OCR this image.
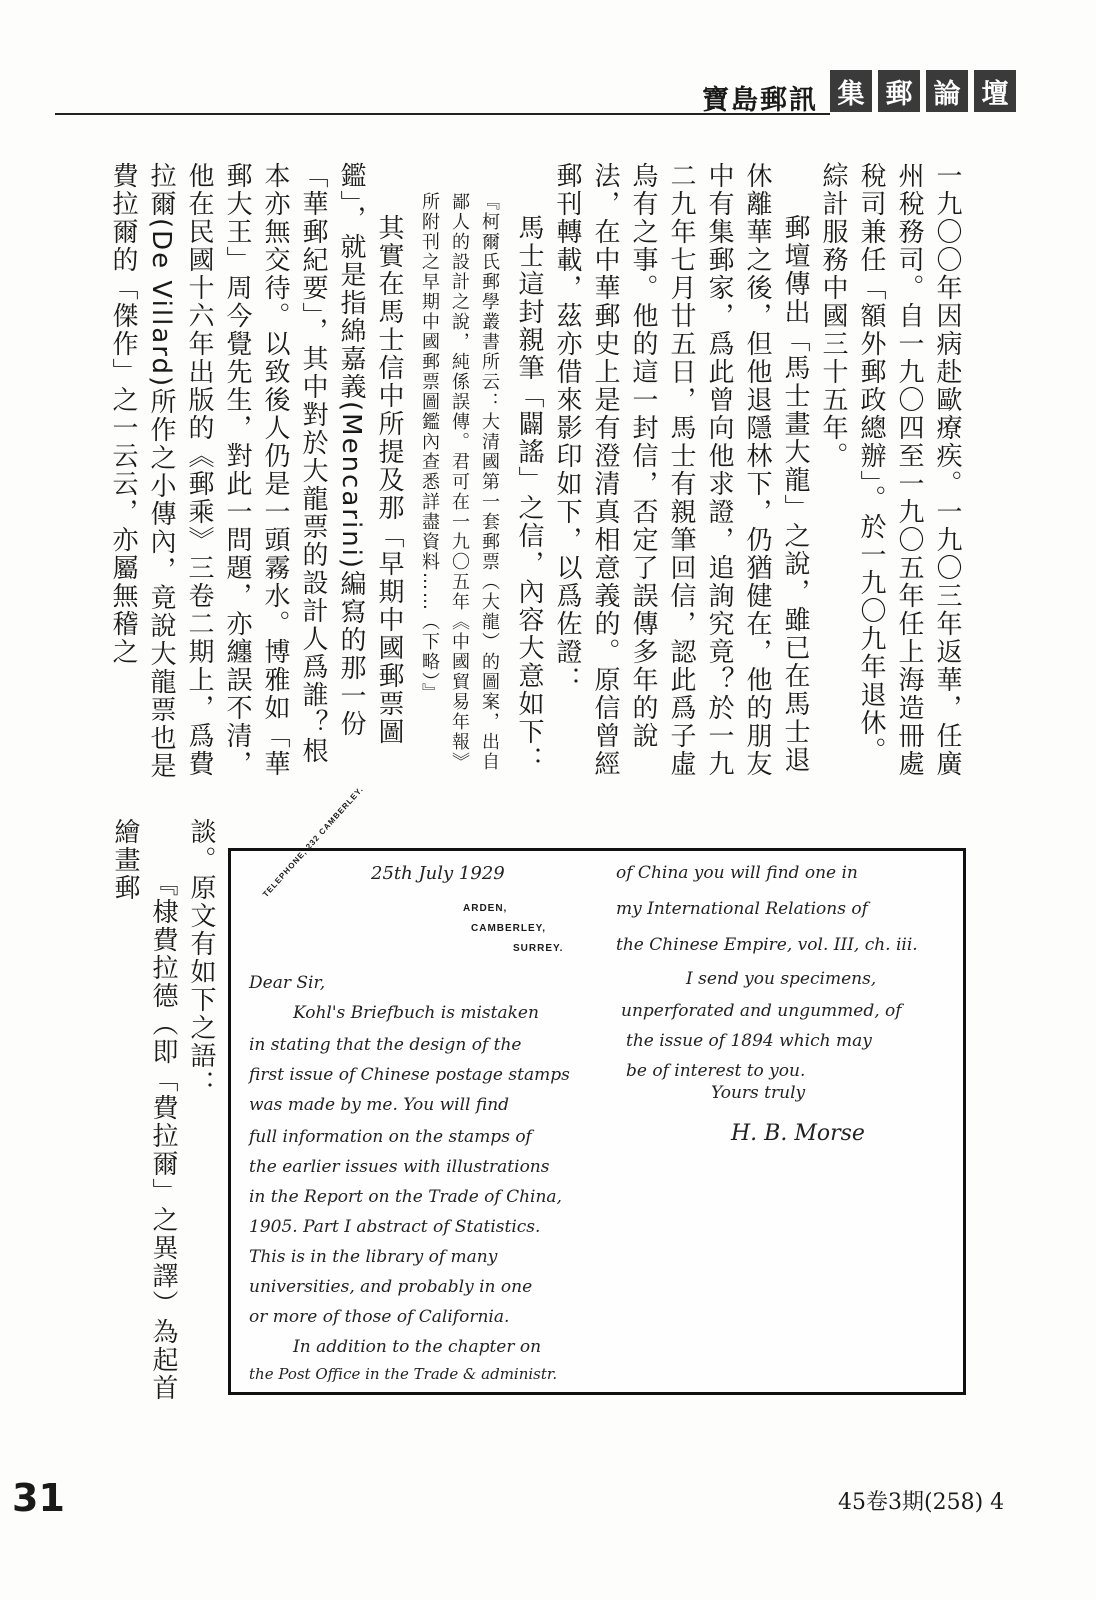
寶島郵訊 集 郵 論 壇

一九〇〇年因病赴歐療疾。一九〇三年返華，任廣州稅務司。自一九〇四至一九〇五年任上海造冊處稅司兼任「額外郵政總辦」。於一九〇九年退休。綜計服務中國三十五年。

郵壇傳出「馬士畫大龍」之說，雖已在馬士退休離華之後，但他退隱林下，仍猶健在，他的朋友中有集郵家，爲此曾向他求證，追詢究竟？於一九二九年七月廿五日，馬士有親筆回信，認此爲子虛烏有之事。他的這一封信，否定了誤傳多年的說法，在中華郵史上是有澄清真相意義的。原信曾經郵刊轉載，茲亦借來影印如下，以爲佐證：

馬士這封親筆「闢謠」之信，內容大意如下：

『柯爾氏郵學叢書所云：大清國第一套郵票（大龍）的圖案，出自鄙人的設計之說，純係誤傳。君可在一九〇五年《中國貿易年報》所附刊之早期中國郵票圖鑑內查悉詳盡資料……（下略）』

其實在馬士信中所提及那「早期中國郵票圖鑑」，就是指綿嘉義(Mencarini)編寫的那一份「華郵紀要」，其中對於大龍票的設計人爲誰？根本亦無交待。以致後人仍是一頭霧水。博雅如「華郵大王」周今覺先生，對此一問題，亦纏誤不清，他在民國十六年出版的《郵乘》三卷二期上，爲費拉爾(De Villard)所作之小傳內，竟說大龍票也是費拉爾的「傑作」之一云云，亦屬無稽之

談。原文有如下之語：

『棣費拉德（即「費拉爾」之異譯）為起首繪畫郵	TELEPHONE, 232 CAMBERLEY. 25th July 1929
ARDEN,
CAMBERLEY,
SURREY.
Dear Sir,
Kohl's Briefbuch is mistaken
in stating that the design of the
first issue of Chinese postage stamps
was made by me. You will find
full information on the stamps of
the earlier issues with illustrations
in the Report on the Trade of China,
1905. Part I abstract of Statistics.
This is in the library of many
universities, and probably in one
or more of those of California.
In addition to the chapter on
the Post Office in the Trade & administr.
of China you will find one in
my International Relations of
the Chinese Empire, vol. III, ch. iii.
I send you specimens,
unperforated and ungummed, of
the issue of 1894 which may
be of interest to you.
Yours truly
H. B. Morse
31	45卷3期(258) 4
